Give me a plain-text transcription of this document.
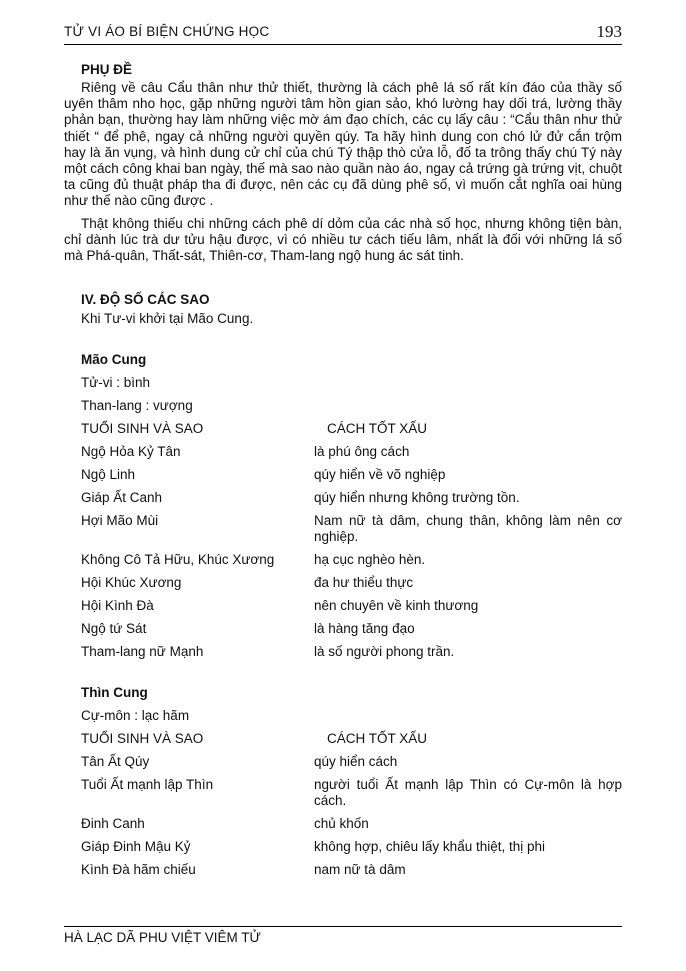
TỬ VI ÁO BÍ BIỆN CHỨNG HỌC	193

PHỤ ĐỀ

Riêng về câu Cẩu thân như thử thiết, thường là cách phê lá số rất kín đáo của thầy số uyên thâm nho học, gặp những người tâm hồn gian sảo, khó lường hay dối trá, lường thầy phản bạn, thường hay làm những việc mờ ám đạo chích, các cụ lấy câu : “Cẩu thân như thử thiết “ để phê, ngay cả những người quyền qúy. Ta hãy hình dung con chó lử đử cắn trộm hay là ăn vụng, và hình dung cử chỉ của chú Tý thập thò cửa lỗ, đố ta trông thấy chú Tý này một cách công khai ban ngày, thế mà sao nào quần nào áo, ngay cả trứng gà trứng vịt, chuột ta cũng đủ thuật pháp tha đi được, nên các cụ đã dùng phê số, vì muốn cắt nghĩa oai hùng như thế nào cũng được .

Thật không thiếu chi những cách phê dí dỏm của các nhà số học, nhưng không tiện bàn, chỉ dành lúc trà dư tửu hậu được, vì có nhiều tư cách tiếu lâm, nhất là đối với những lá số mà Phá-quân, Thất-sát, Thiên-cơ, Tham-lang ngộ hung ác sát tinh.

IV. ĐỘ SỐ CÁC SAO

Khi Tư-vi khởi tại Mão Cung.

Mão Cung

Tử-vi : bình

Than-lang : vượng

TUỔI SINH VÀ SAO	CÁCH TỐT XẤU
Ngộ Hỏa Kỷ Tân	là phú ông cách
Ngộ Linh	qúy hiển về võ nghiệp
Giáp Ất Canh	qúy hiển nhưng không trường tồn.
Hợi Mão Mùi	Nam nữ tà dâm, chung thân, không làm nên cơ nghiệp.
Không Cô Tả Hữu, Khúc Xương	hạ cục nghèo hèn.
Hội Khúc Xương	đa hư thiểu thực
Hội Kình Đà	nên chuyên về kinh thương
Ngộ tứ Sát	là hàng tăng đạo
Tham-lang nữ Mạnh	là số người phong trần.

Thìn Cung

Cự-môn : lạc hãm

TUỔI SINH VÀ SAO	CÁCH TỐT XẤU
Tân Ất Qúy	qúy hiển cách
Tuổi Ất mạnh lập Thìn	người tuổi Ất mạnh lập Thìn có Cự-môn là hợp cách.
Đinh Canh	chủ khốn
Giáp Đinh Mậu Kỷ	không hợp, chiêu lấy khẩu thiệt, thị phi
Kình Đà hãm chiếu	nam nữ tà dâm
HÀ LẠC DÃ PHU VIỆT VIÊM TỬ
